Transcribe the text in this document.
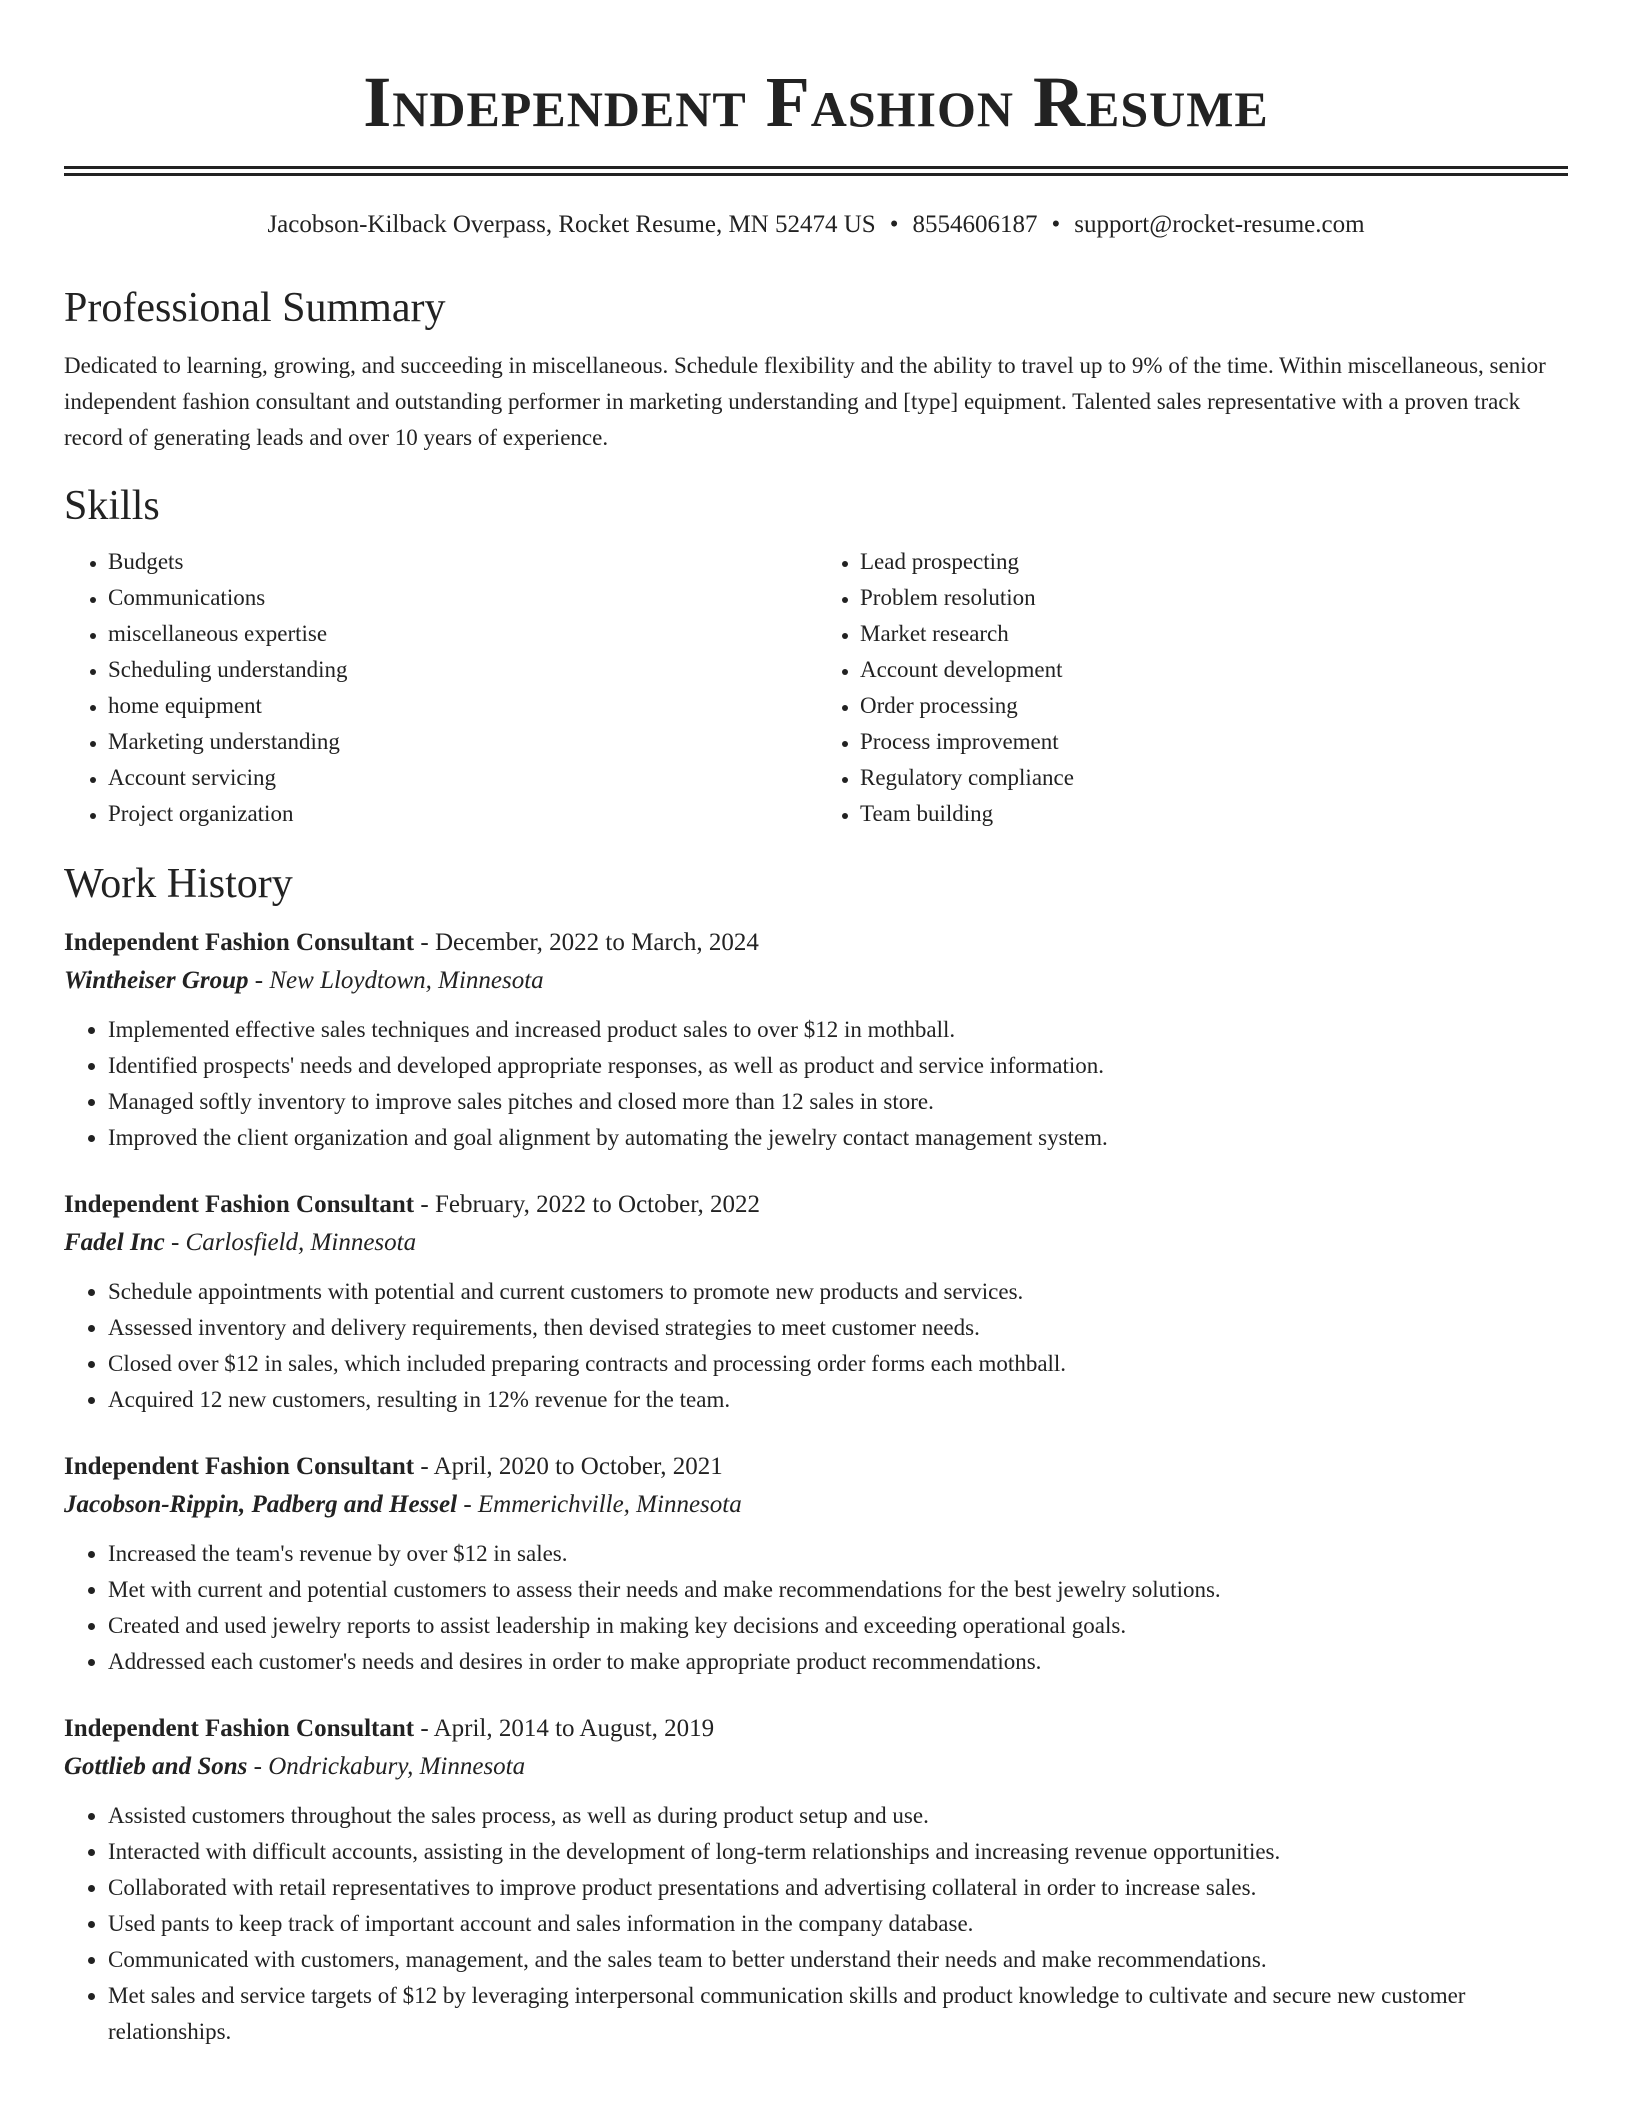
Independent Fashion Resume
Jacobson-Kilback Overpass, Rocket Resume, MN 52474 US • 8554606187 • support@rocket-resume.com
Professional Summary

Dedicated to learning, growing, and succeeding in miscellaneous. Schedule flexibility and the ability to travel up to 9% of the time. Within miscellaneous, senior independent fashion consultant and outstanding performer in marketing understanding and [type] equipment. Talented sales representative with a proven track record of generating leads and over 10 years of experience.

Skills
• Budgets
• Communications
• miscellaneous expertise
• Scheduling understanding
• home equipment
• Marketing understanding
• Account servicing
• Project organization
• Lead prospecting
• Problem resolution
• Market research
• Account development
• Order processing
• Process improvement
• Regulatory compliance
• Team building
Work History
Independent Fashion Consultant - December, 2022 to March, 2024
Wintheiser Group - New Lloydtown, Minnesota
• Implemented effective sales techniques and increased product sales to over $12 in mothball.
• Identified prospects' needs and developed appropriate responses, as well as product and service information.
• Managed softly inventory to improve sales pitches and closed more than 12 sales in store.
• Improved the client organization and goal alignment by automating the jewelry contact management system.
Independent Fashion Consultant - February, 2022 to October, 2022
Fadel Inc - Carlosfield, Minnesota
• Schedule appointments with potential and current customers to promote new products and services.
• Assessed inventory and delivery requirements, then devised strategies to meet customer needs.
• Closed over $12 in sales, which included preparing contracts and processing order forms each mothball.
• Acquired 12 new customers, resulting in 12% revenue for the team.
Independent Fashion Consultant - April, 2020 to October, 2021
Jacobson-Rippin, Padberg and Hessel - Emmerichville, Minnesota
• Increased the team's revenue by over $12 in sales.
• Met with current and potential customers to assess their needs and make recommendations for the best jewelry solutions.
• Created and used jewelry reports to assist leadership in making key decisions and exceeding operational goals.
• Addressed each customer's needs and desires in order to make appropriate product recommendations.
Independent Fashion Consultant - April, 2014 to August, 2019
Gottlieb and Sons - Ondrickabury, Minnesota
• Assisted customers throughout the sales process, as well as during product setup and use.
• Interacted with difficult accounts, assisting in the development of long-term relationships and increasing revenue opportunities.
• Collaborated with retail representatives to improve product presentations and advertising collateral in order to increase sales.
• Used pants to keep track of important account and sales information in the company database.
• Communicated with customers, management, and the sales team to better understand their needs and make recommendations.
• Met sales and service targets of $12 by leveraging interpersonal communication skills and product knowledge to cultivate and secure new customer relationships.
